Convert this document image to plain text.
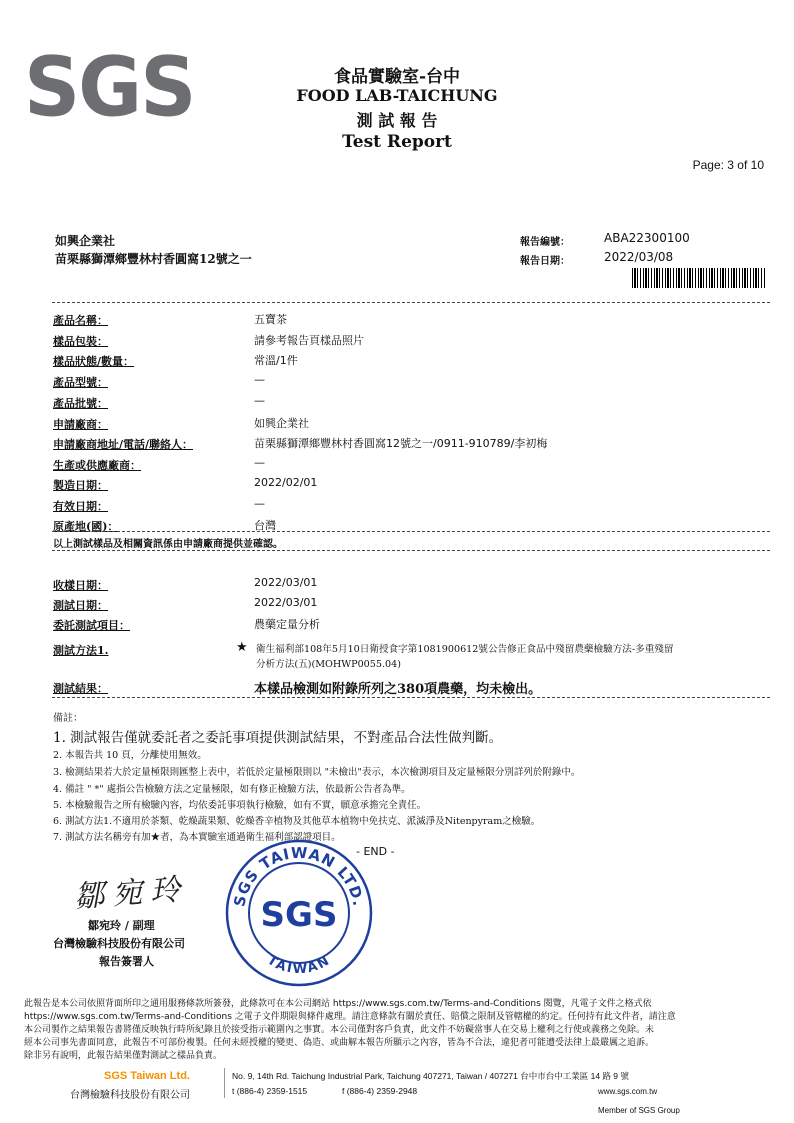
SGS	食品實驗室-台中
FOOD LAB-TAICHUNG
測 試 報 告
Test Report
Page: 3 of 10
如興企業社
苗栗縣獅潭鄉豐林村香圓窩12號之一
報告編號：	ABA22300100
報告日期：	2022/03/08
產品名稱：	五寶茶
樣品包裝：	請參考報告頁樣品照片
樣品狀態/數量：	常溫/1件
產品型號：	—
產品批號：	—
申請廠商：	如興企業社
申請廠商地址/電話/聯絡人：	苗栗縣獅潭鄉豐林村香圓窩12號之一/0911-910789/李初梅
生產或供應廠商：	—
製造日期：	2022/02/01
有效日期：	—
原產地(國)：	台灣
以上測試樣品及相關資訊係由申請廠商提供並確認。
收樣日期：	2022/03/01
測試日期：	2022/03/01
委託測試項目：	農藥定量分析
測試方法1.	★ 衛生福利部108年5月10日衛授食字第1081900612號公告修正食品中殘留農藥檢驗方法-多重殘留
分析方法(五)(MOHWP0055.04)
測試結果：	本樣品檢測如附錄所列之380項農藥，均未檢出。
備註：
1. 測試報告僅就委託者之委託事項提供測試結果，不對產品合法性做判斷。
2. 本報告共 10 頁，分離使用無效。
3. 檢測結果若大於定量極限則匯整上表中，若低於定量極限則以 "未檢出"表示，本次檢測項目及定量極限分別詳列於附錄中。
4. 備註 " *" 處指公告檢驗方法之定量極限，如有修正檢驗方法，依最新公告者為準。
5. 本檢驗報告之所有檢驗內容，均依委託事項執行檢驗，如有不實，願意承擔完全責任。
6. 測試方法1.不適用於茶類、乾燥蔬果類、乾燥香辛植物及其他草本植物中免扶克、派滅淨及Nitenpyram之檢驗。
7. 測試方法名稱旁有加★者，為本實驗室通過衛生福利部認證項目。
- END -
鄒宛玲
鄒宛玲 / 副理
台灣檢驗科技股份有限公司
報告簽署人
SGS TAIWAN LTD.
TAIWAN
SGS
此報告是本公司依照背面所印之通用服務條款所簽發，此條款可在本公司網站 https://www.sgs.com.tw/Terms-and-Conditions 閱覽，凡電子文件之格式依
https://www.sgs.com.tw/Terms-and-Conditions 之電子文件期限與條件處理。請注意條款有關於責任、賠償之限制及管轄權的約定。任何持有此文件者，請注意
本公司製作之結果報告書將僅反映執行時所紀錄且於接受指示範圍內之事實。本公司僅對客戶負責，此文件不妨礙當事人在交易上權利之行使或義務之免除。未
經本公司事先書面同意，此報告不可部份複製。任何未經授權的變更、偽造、或曲解本報告所顯示之內容，皆為不合法，違犯者可能遭受法律上最嚴厲之追訴。
除非另有說明，此報告結果僅對測試之樣品負責。
SGS Taiwan Ltd.
台灣檢驗科技股份有限公司
No. 9, 14th Rd. Taichung Industrial Park, Taichung 407271, Taiwan / 407271 台中市台中工業區 14 路 9 號
t (886-4) 2359-1515	f (886-4) 2359-2948	www.sgs.com.tw
Member of SGS Group
